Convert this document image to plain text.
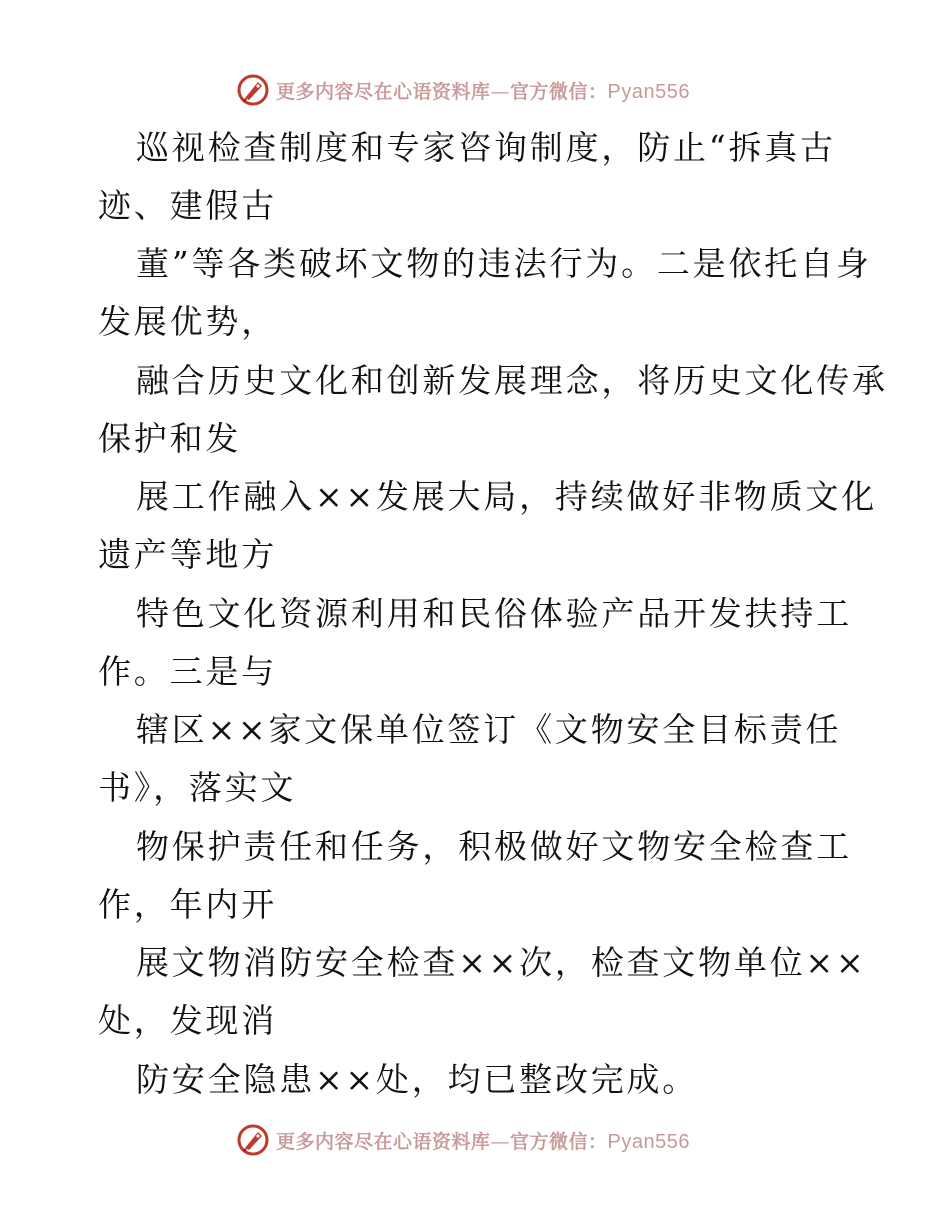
更多内容尽在心语资料库—官方微信：Pyan556
巡视检查制度和专家咨询制度，防止“拆真古
迹、建假古
董”等各类破坏文物的违法行为。二是依托自身
发展优势，
融合历史文化和创新发展理念，将历史文化传承
保护和发
展工作融入××发展大局，持续做好非物质文化
遗产等地方
特色文化资源利用和民俗体验产品开发扶持工
作。三是与
辖区××家文保单位签订《文物安全目标责任
书》，落实文
物保护责任和任务，积极做好文物安全检查工
作，年内开
展文物消防安全检查××次，检查文物单位××
处，发现消
防安全隐患××处，均已整改完成。
更多内容尽在心语资料库—官方微信：Pyan556
